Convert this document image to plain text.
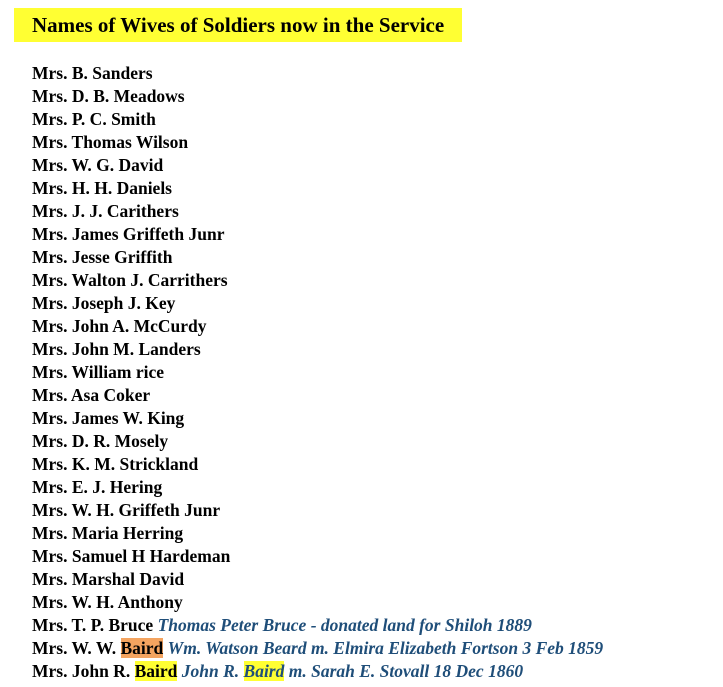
Names of Wives of Soldiers now in the Service
Mrs. B. Sanders
Mrs. D. B. Meadows
Mrs. P. C. Smith
Mrs. Thomas Wilson
Mrs. W. G. David
Mrs. H. H. Daniels
Mrs. J. J. Carithers
Mrs. James Griffeth Junr
Mrs. Jesse Griffith
Mrs. Walton J. Carrithers
Mrs. Joseph J. Key
Mrs. John A. McCurdy
Mrs. John M. Landers
Mrs. William rice
Mrs. Asa Coker
Mrs. James W. King
Mrs. D. R. Mosely
Mrs. K. M. Strickland
Mrs. E. J. Hering
Mrs. W. H. Griffeth Junr
Mrs. Maria Herring
Mrs. Samuel H Hardeman
Mrs. Marshal David
Mrs. W. H. Anthony
Mrs. T. P. Bruce Thomas Peter Bruce - donated land for Shiloh 1889
Mrs. W. W. Baird Wm. Watson Beard m. Elmira Elizabeth Fortson 3 Feb 1859
Mrs. John R. Baird John R. Baird m. Sarah E. Stovall 18 Dec 1860
